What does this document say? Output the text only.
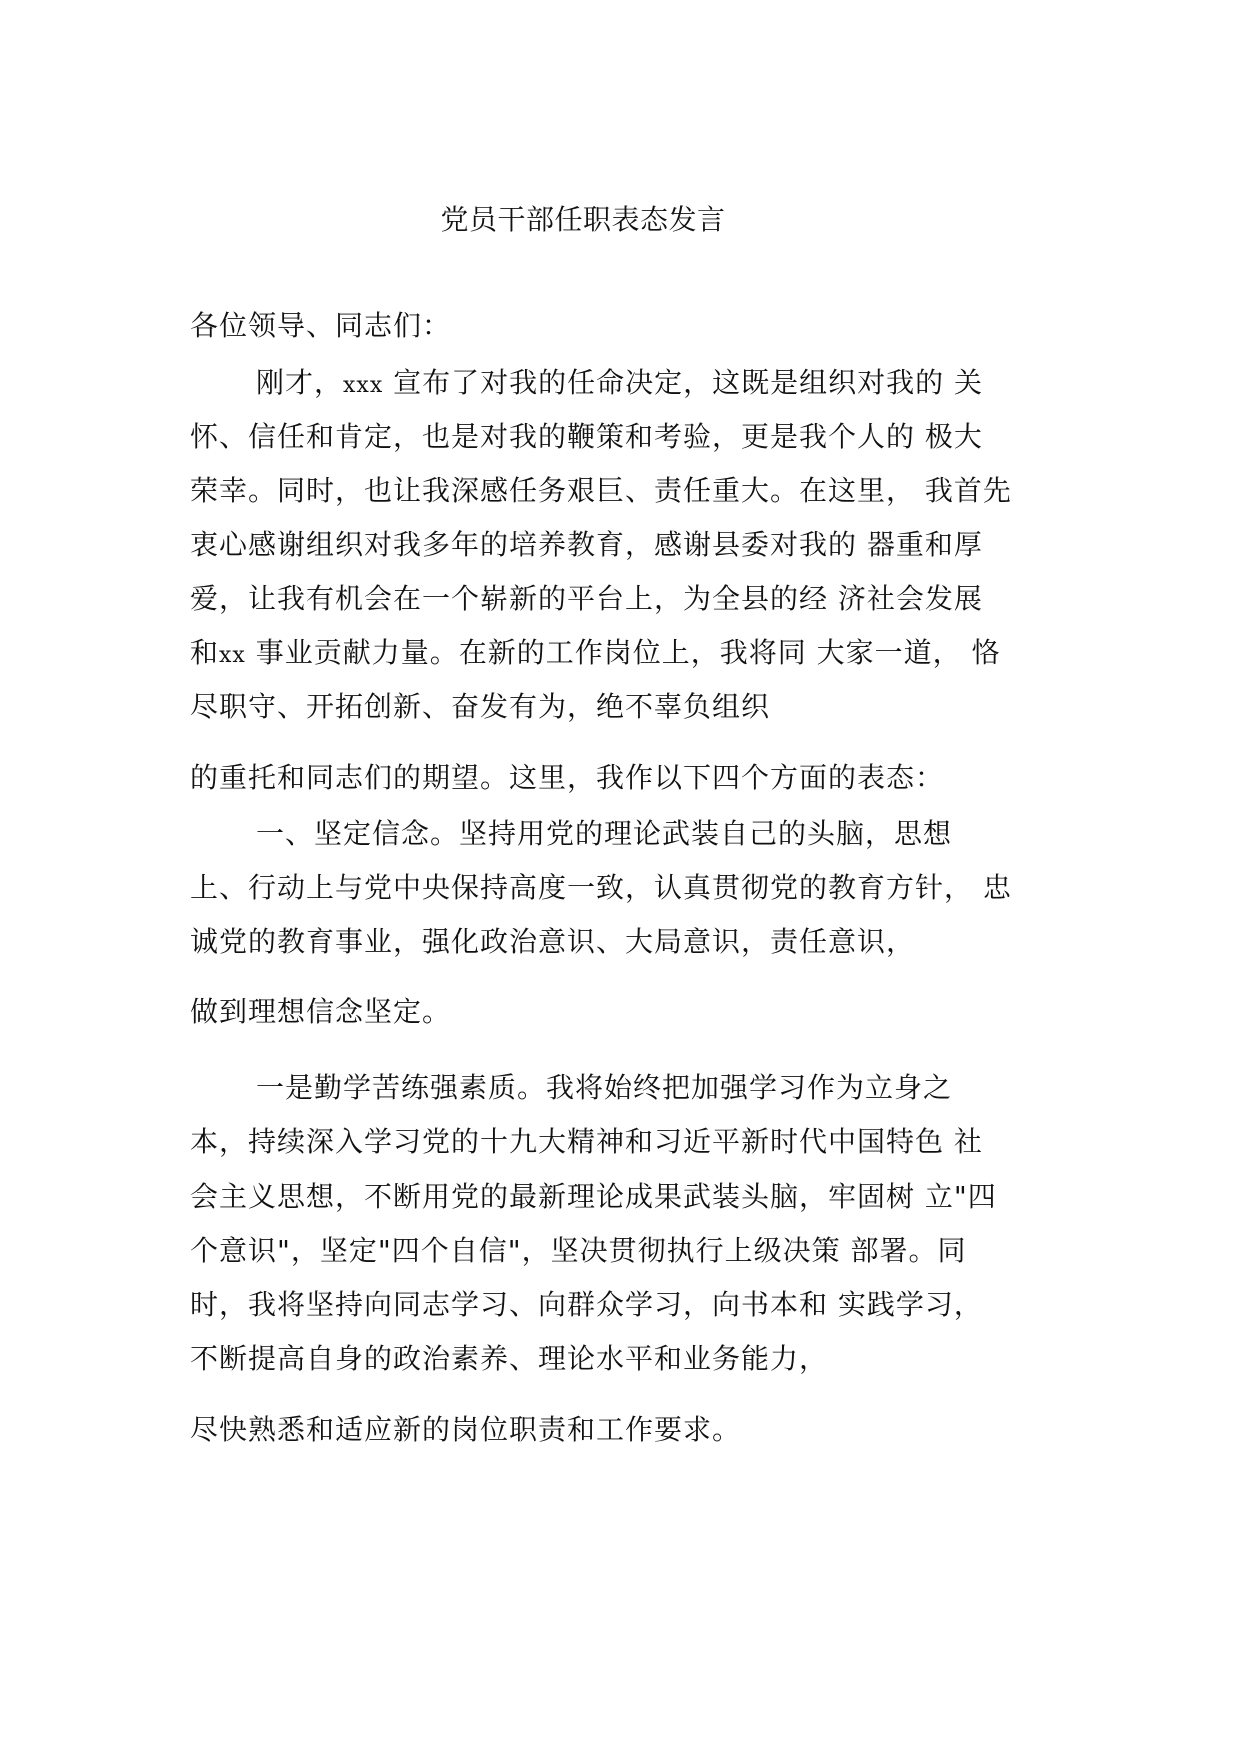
党员干部任职表态发言

各位领导、同志们：

刚才，xxx 宣布了对我的任命决定，这既是组织对我的 关

怀、信任和肯定，也是对我的鞭策和考验，更是我个人的 极大

荣幸。同时，也让我深感任务艰巨、责任重大。在这里， 我首先

衷心感谢组织对我多年的培养教育，感谢县委对我的 器重和厚

爱，让我有机会在一个崭新的平台上，为全县的经 济社会发展

和xx 事业贡献力量。在新的工作岗位上，我将同 大家一道， 恪

尽职守、开拓创新、奋发有为，绝不辜负组织

的重托和同志们的期望。这里，我作以下四个方面的表态：

一、坚定信念。坚持用党的理论武装自己的头脑，思想

上、行动上与党中央保持高度一致，认真贯彻党的教育方针， 忠

诚党的教育事业，强化政治意识、大局意识，责任意识，

做到理想信念坚定。

一是勤学苦练强素质。我将始终把加强学习作为立身之

本，持续深入学习党的十九大精神和习近平新时代中国特色 社

会主义思想，不断用党的最新理论成果武装头脑，牢固树 立"四

个意识"，坚定"四个自信"，坚决贯彻执行上级决策 部署。同

时，我将坚持向同志学习、向群众学习，向书本和 实践学习，

不断提高自身的政治素养、理论水平和业务能力，

尽快熟悉和适应新的岗位职责和工作要求。
